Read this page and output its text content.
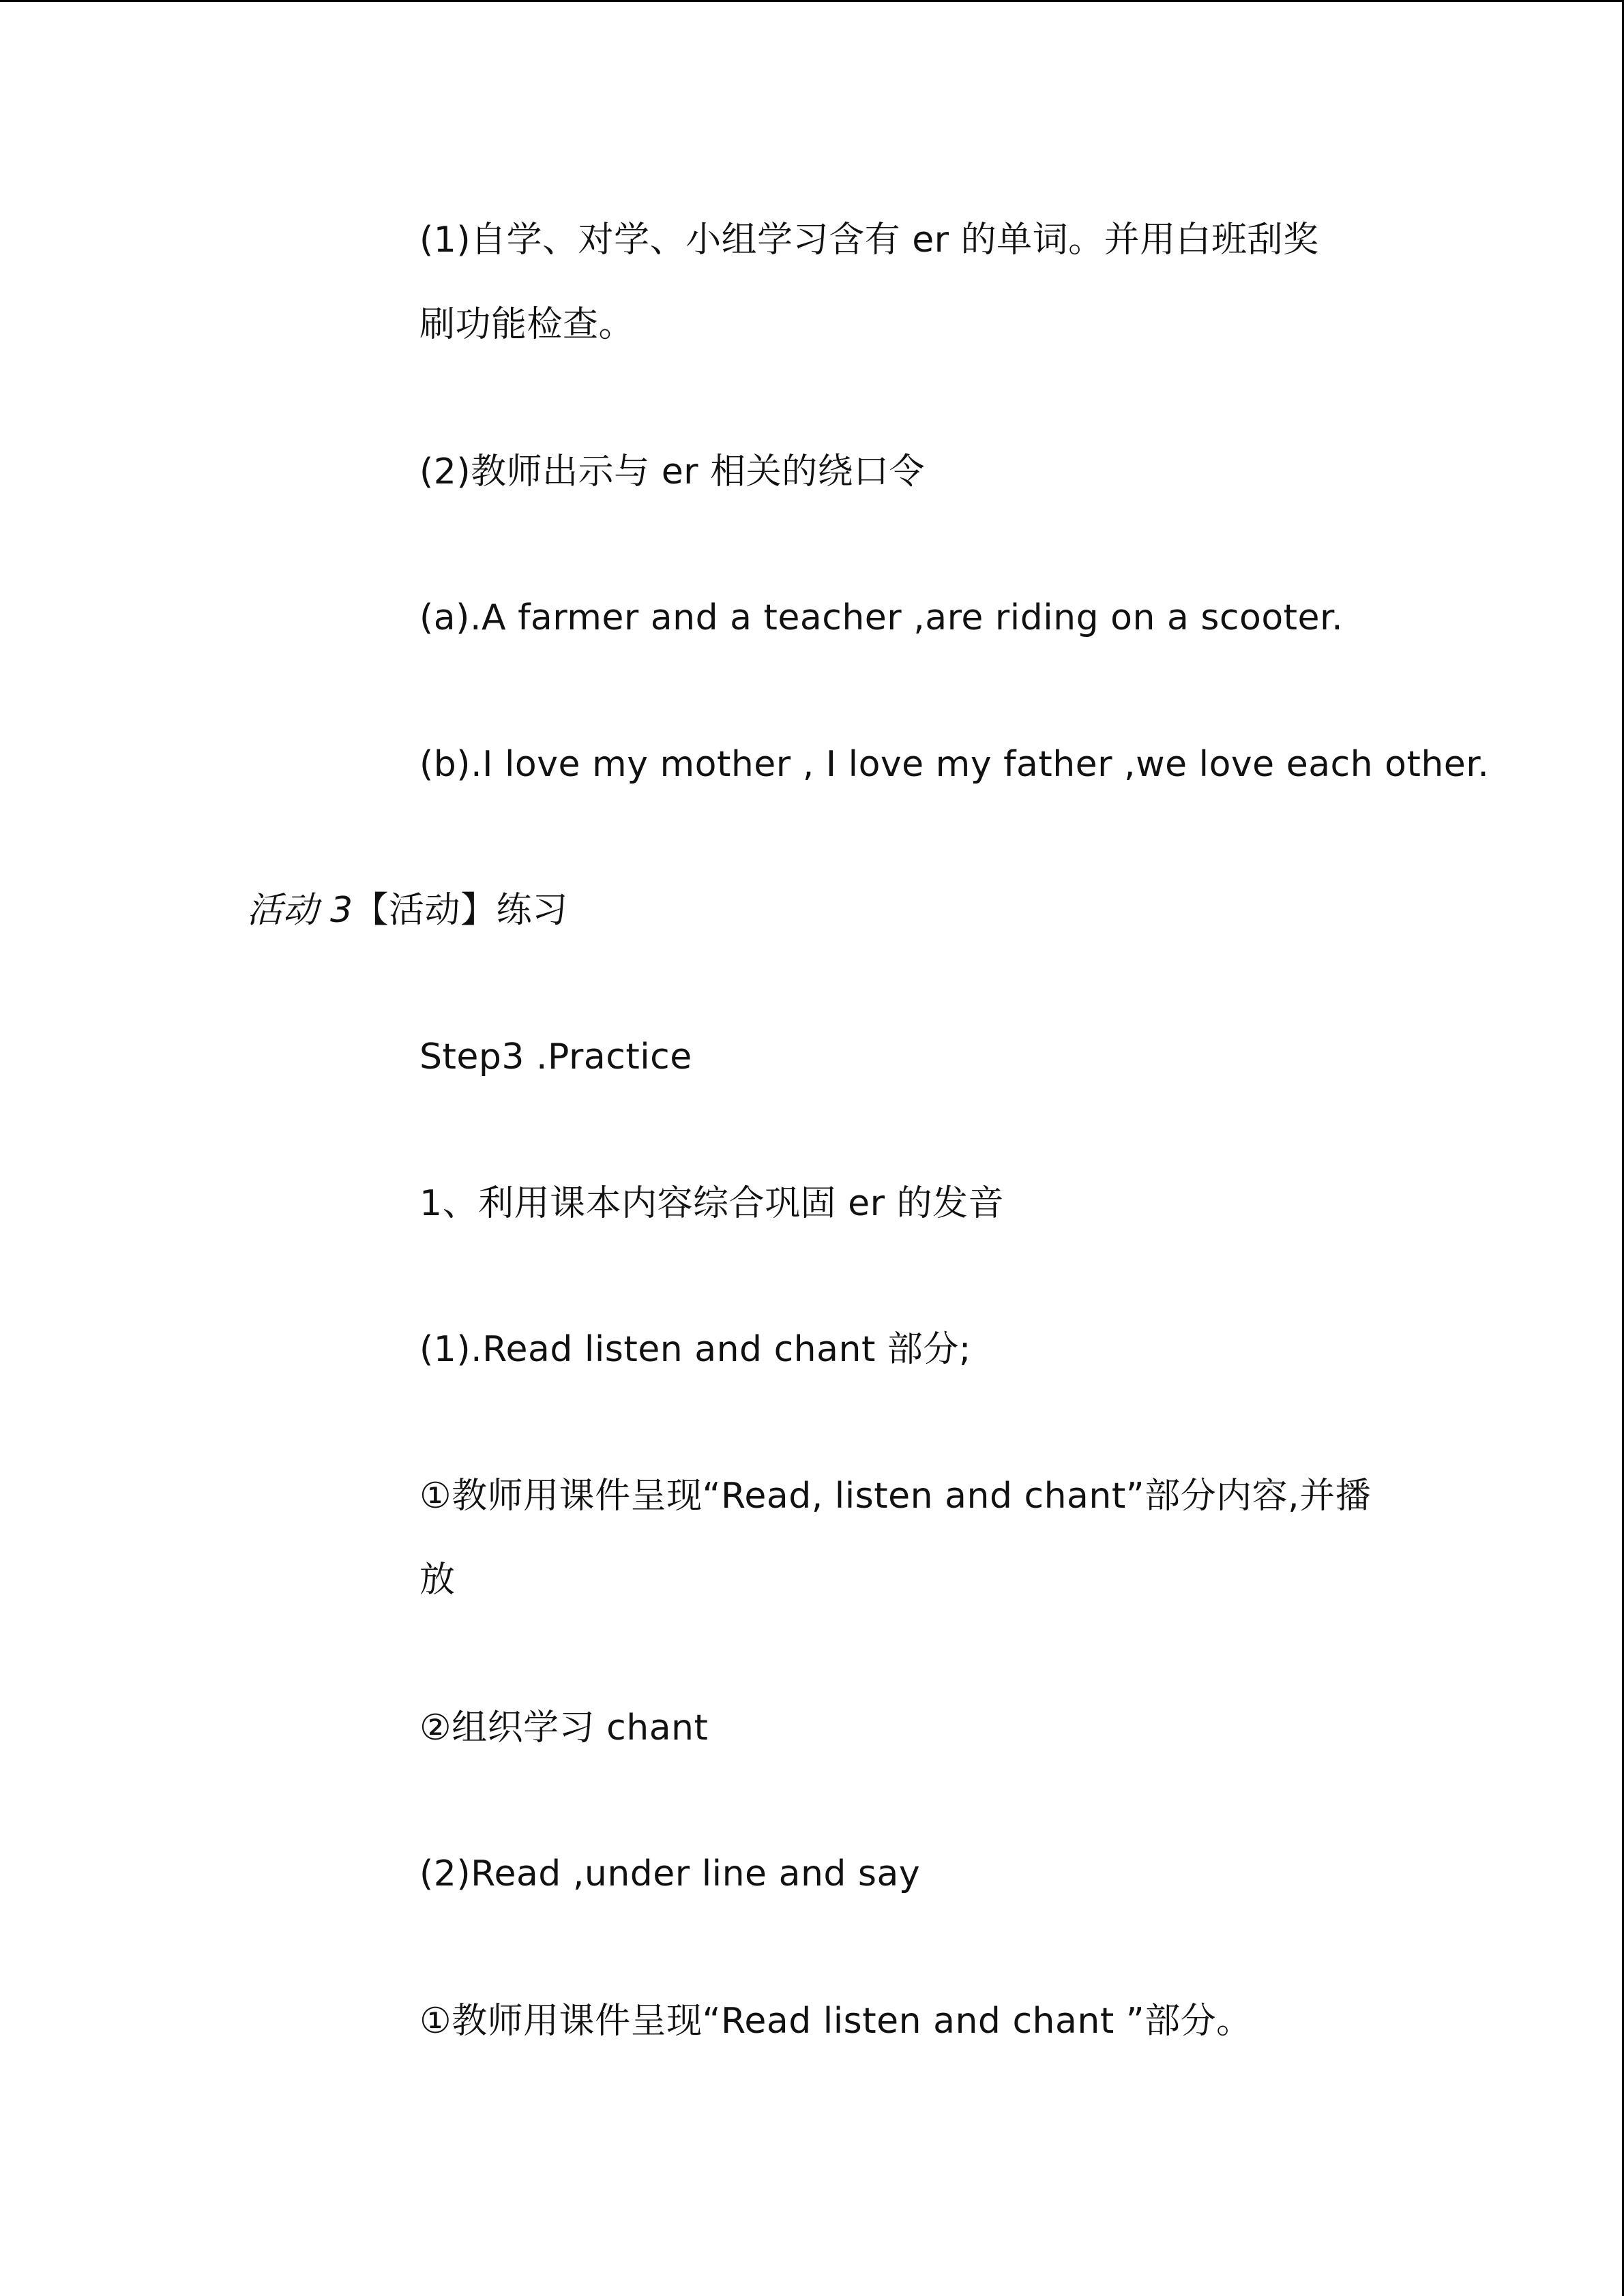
(1)自学、对学、小组学习含有 er 的单词。并用白班刮奖
刷功能检查。
(2)教师出示与 er 相关的绕口令
(a).A farmer and a teacher ,are riding on a scooter.
(b).I love my mother , I love my father ,we love each other.
活动 3【活动】练习
Step3 .Practice
1、利用课本内容综合巩固 er 的发音
(1).Read listen and chant 部分;
①教师用课件呈现“Read, listen and chant”部分内容,并播
放
②组织学习 chant
(2)Read ,under line and say
①教师用课件呈现“Read listen and chant ”部分。
